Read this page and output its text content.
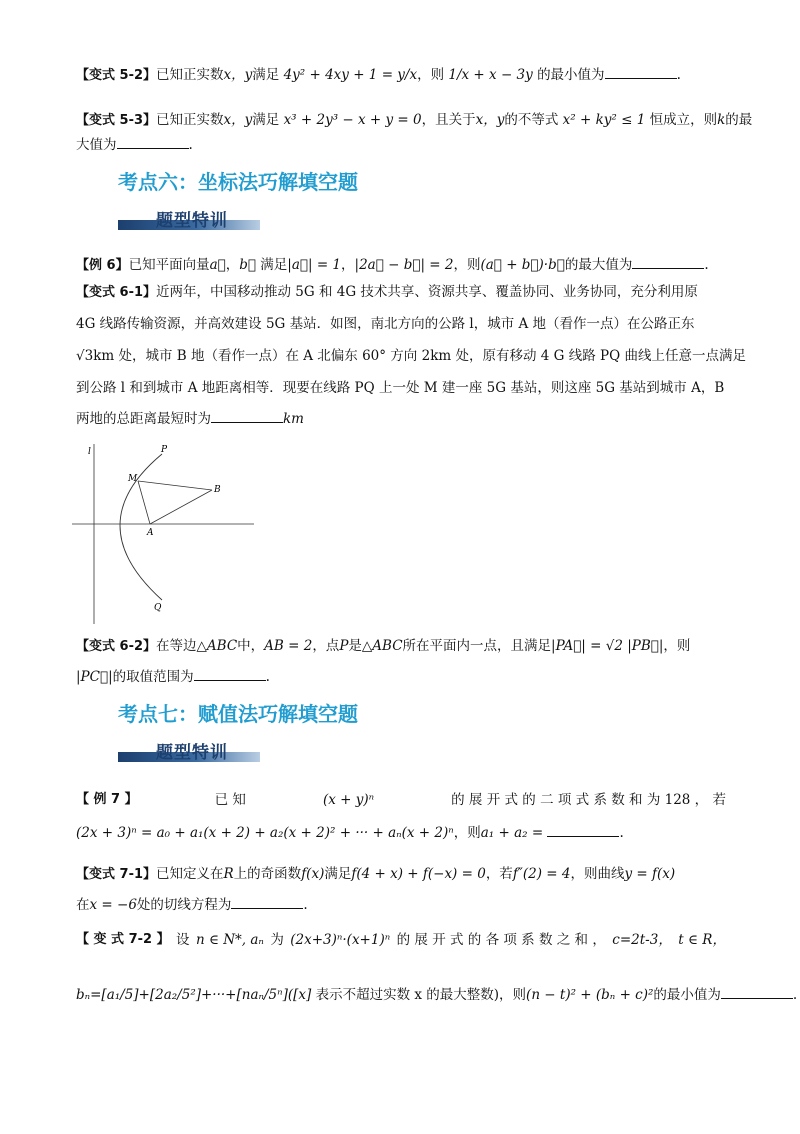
【变式 5-2】已知正实数x，y满足 4y² + 4xy + 1 = y/x，则 1/x + x − 3y 的最小值为	.
【变式 5-3】已知正实数x，y满足 x³ + 2y³ − x + y = 0，且关于x，y的不等式 x² + ky² ≤ 1 恒成立，则k的最
大值为	.
考点六：坐标法巧解填空题
题型特训
【例 6】已知平面向量a⃗，b⃗ 满足|a⃗| = 1，|2a⃗ − b⃗| = 2，则(a⃗ + b⃗)·b⃗的最大值为	.
【变式 6-1】近两年，中国移动推动 5G 和 4G 技术共享、资源共享、覆盖协同、业务协同，充分利用原
4G 线路传输资源，并高效建设 5G 基站．如图，南北方向的公路 l，城市 A 地（看作一点）在公路正东
√3km 处，城市 B 地（看作一点）在 A 北偏东 60° 方向 2km 处，原有移动 4 G 线路 PQ 曲线上任意一点满足
到公路 l 和到城市 A 地距离相等．现要在线路 PQ 上一处 M 建一座 5G 基站，则这座 5G 基站到城市 A，B
两地的总距离最短时为	km
l	P
M
B
A
Q
【变式 6-2】在等边△ABC中，AB = 2，点P是△ABC所在平面内一点，且满足|PA⃗| = √2 |PB⃗|，则
|PC⃗|的取值范围为	.
考点七：赋值法巧解填空题
题型特训
【 例 7 】	已 知	(x + y)ⁿ	的 展 开 式 的 二 项 式 系 数 和 为 128 ， 若
(2x + 3)ⁿ = a₀ + a₁(x + 2) + a₂(x + 2)² + ··· + aₙ(x + 2)ⁿ，则a₁ + a₂ =	.
【变式 7-1】已知定义在R上的奇函数f(x)满足f(4 + x) + f(−x) = 0，若f″(2) = 4，则曲线y = f(x)
在x = −6处的切线方程为	.
【 变 式 7-2 】 设 n ∈ N*, aₙ 为 (2x+3)ⁿ·(x+1)ⁿ 的 展 开 式 的 各 项 系 数 之 和 ， c=2t-3， t ∈ R，
bₙ=[a₁/5]+[2a₂/5²]+···+[naₙ/5ⁿ]([x] 表示不超过实数 x 的最大整数)，则(n − t)² + (bₙ + c)²的最小值为	.
